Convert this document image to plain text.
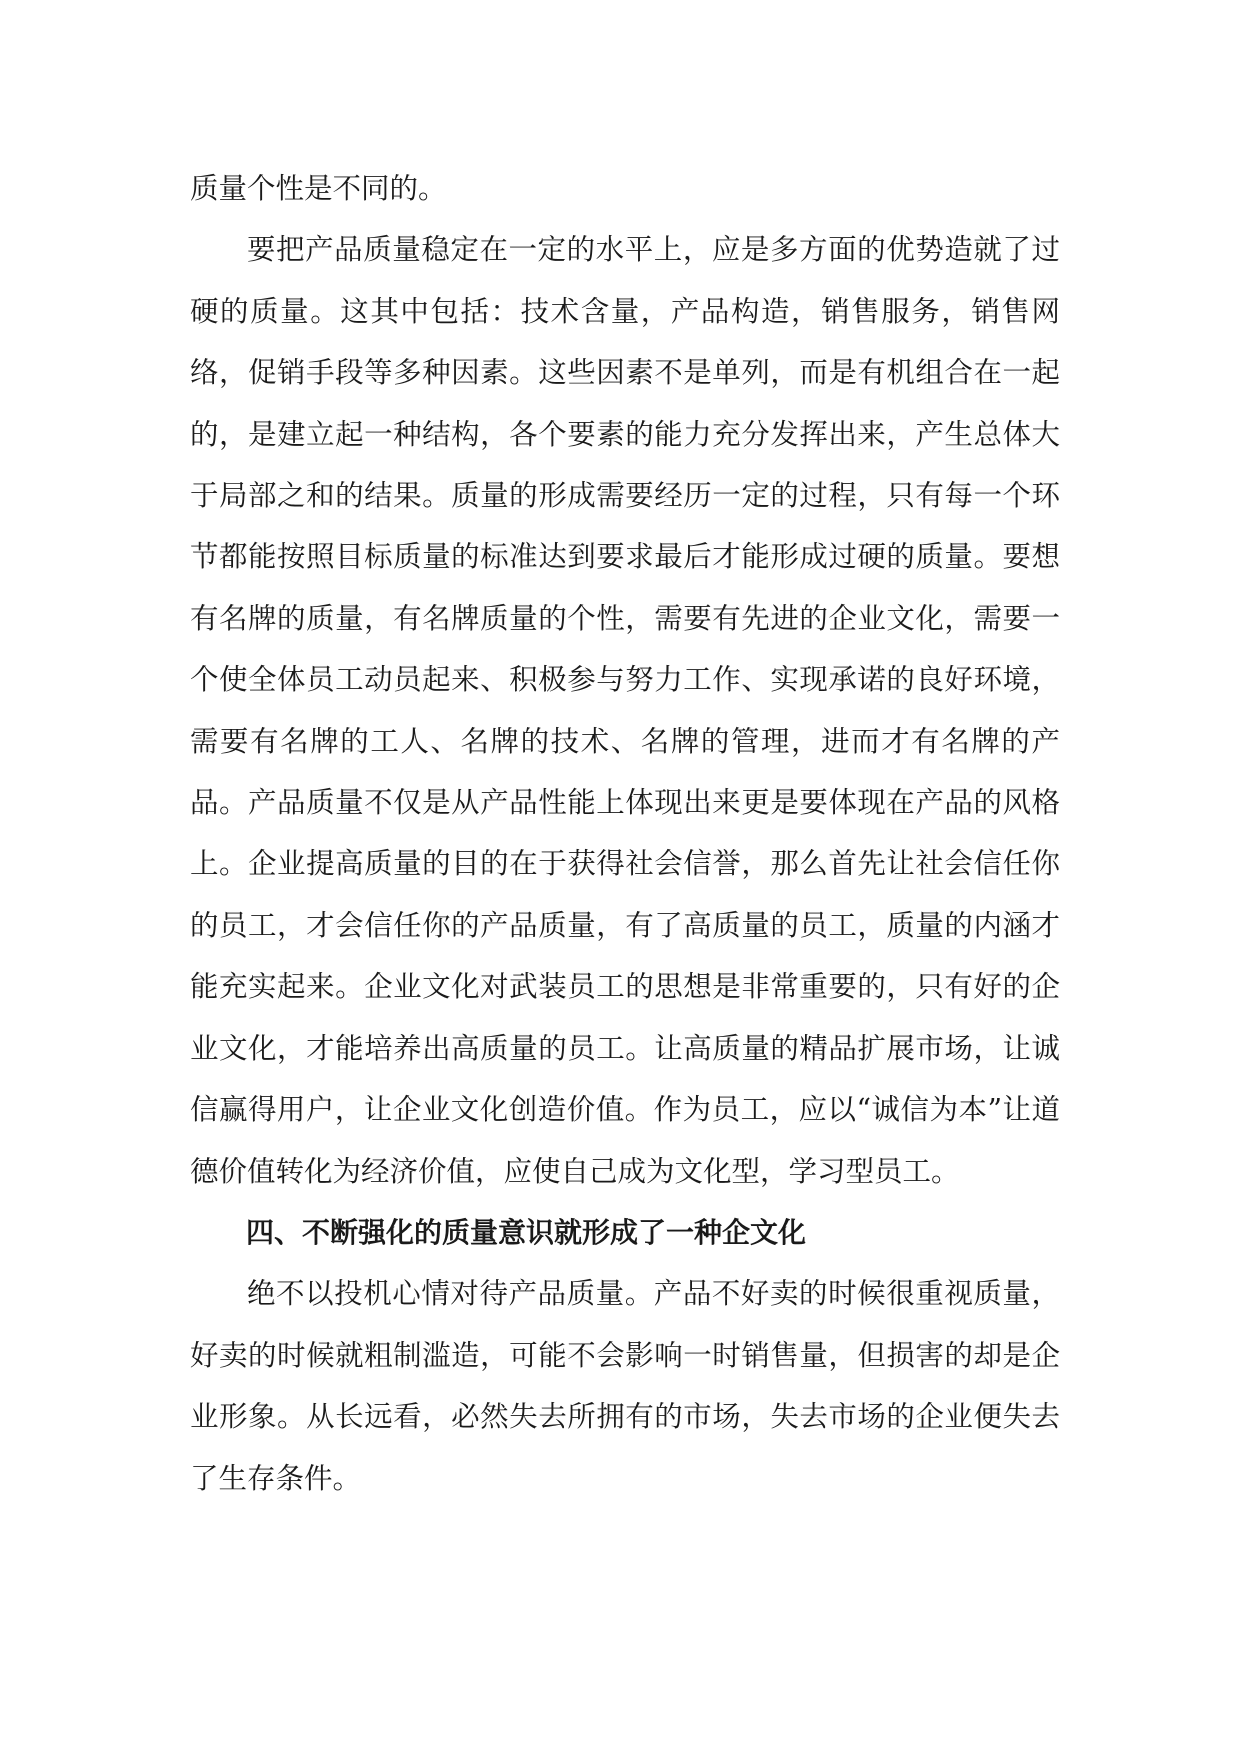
质量个性是不同的。

要把产品质量稳定在一定的水平上，应是多方面的优势造就了过硬的质量。这其中包括：技术含量，产品构造，销售服务，销售网络，促销手段等多种因素。这些因素不是单列，而是有机组合在一起的，是建立起一种结构，各个要素的能力充分发挥出来，产生总体大于局部之和的结果。质量的形成需要经历一定的过程，只有每一个环节都能按照目标质量的标准达到要求最后才能形成过硬的质量。要想有名牌的质量，有名牌质量的个性，需要有先进的企业文化，需要一个使全体员工动员起来、积极参与努力工作、实现承诺的良好环境，需要有名牌的工人、名牌的技术、名牌的管理，进而才有名牌的产品。产品质量不仅是从产品性能上体现出来更是要体现在产品的风格上。企业提高质量的目的在于获得社会信誉，那么首先让社会信任你的员工，才会信任你的产品质量，有了高质量的员工，质量的内涵才能充实起来。企业文化对武装员工的思想是非常重要的，只有好的企业文化，才能培养出高质量的员工。让高质量的精品扩展市场，让诚信赢得用户，让企业文化创造价值。作为员工，应以“诚信为本”让道德价值转化为经济价值，应使自己成为文化型，学习型员工。

四、不断强化的质量意识就形成了一种企文化

绝不以投机心情对待产品质量。产品不好卖的时候很重视质量，好卖的时候就粗制滥造，可能不会影响一时销售量，但损害的却是企业形象。从长远看，必然失去所拥有的市场，失去市场的企业便失去了生存条件。
